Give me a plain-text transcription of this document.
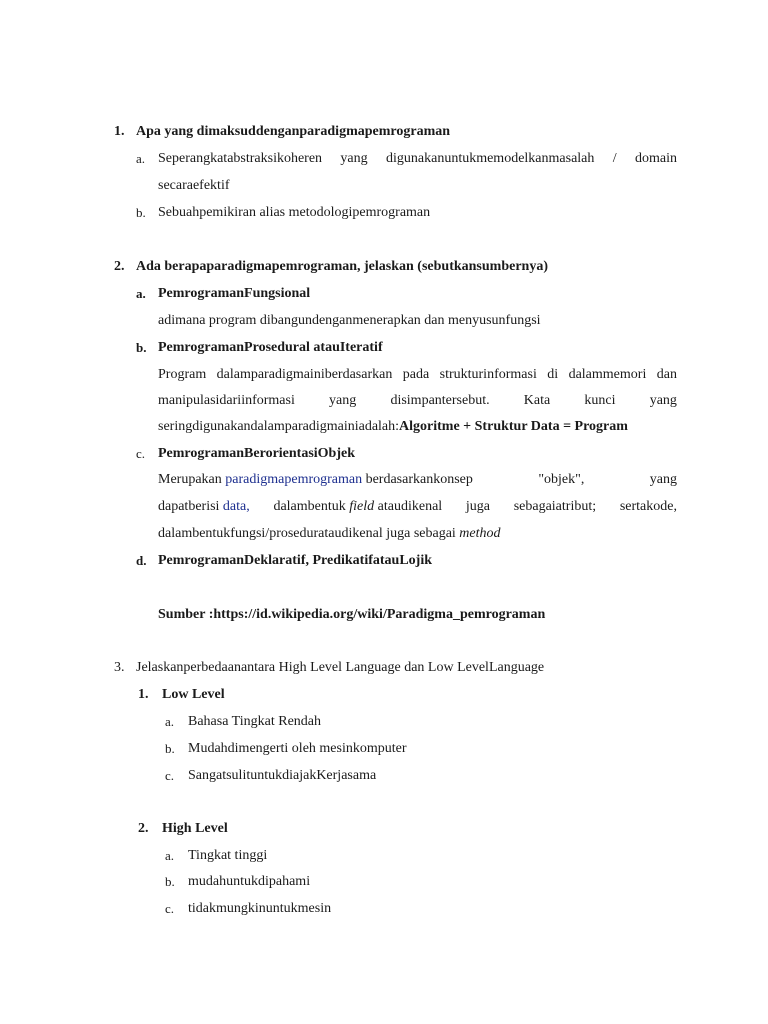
1. Apa yang dimaksuddenganparadigmapemrograman
a. Seperangkatabstraksikoheren yang digunakanuntukmemodelkanmasalah / domain
secaraefektif
b. Sebuahpemikiran alias metodologipemrograman
2. Ada berapaparadigmapemrograman, jelaskan (sebutkansumbernya)
a. PemrogramanFungsional
adimana program dibangundenganmenerapkan dan menyusunfungsi
b. PemrogramanProsedural atauIteratif
Program dalamparadigmainiberdasarkan pada strukturinformasi di dalammemori dan
manipulasidariinformasi yang disimpantersebut. Kata kunci yang
seringdigunakandalamparadigmainiadalah:Algoritme + Struktur Data = Program
c. PemrogramanBerorientasiObjek
Merupakan paradigmapemrograman berdasarkankonsep	"objek",	yang
dapatberisi data, dalambentuk field ataudikenal juga sebagaiatribut; sertakode,
dalambentukfungsi/prosedurataudikenal juga sebagai method
d. PemrogramanDeklaratif, PredikatifatauLojik
Sumber :https://id.wikipedia.org/wiki/Paradigma_pemrograman
3. Jelaskanperbedaanantara High Level Language dan Low LevelLanguage
1. Low Level
a. Bahasa Tingkat Rendah
b. Mudahdimengerti oleh mesinkomputer
c. SangatsulituntukdiajakKerjasama
2. High Level
a. Tingkat tinggi
b. mudahuntukdipahami
c. tidakmungkinuntukmesin
